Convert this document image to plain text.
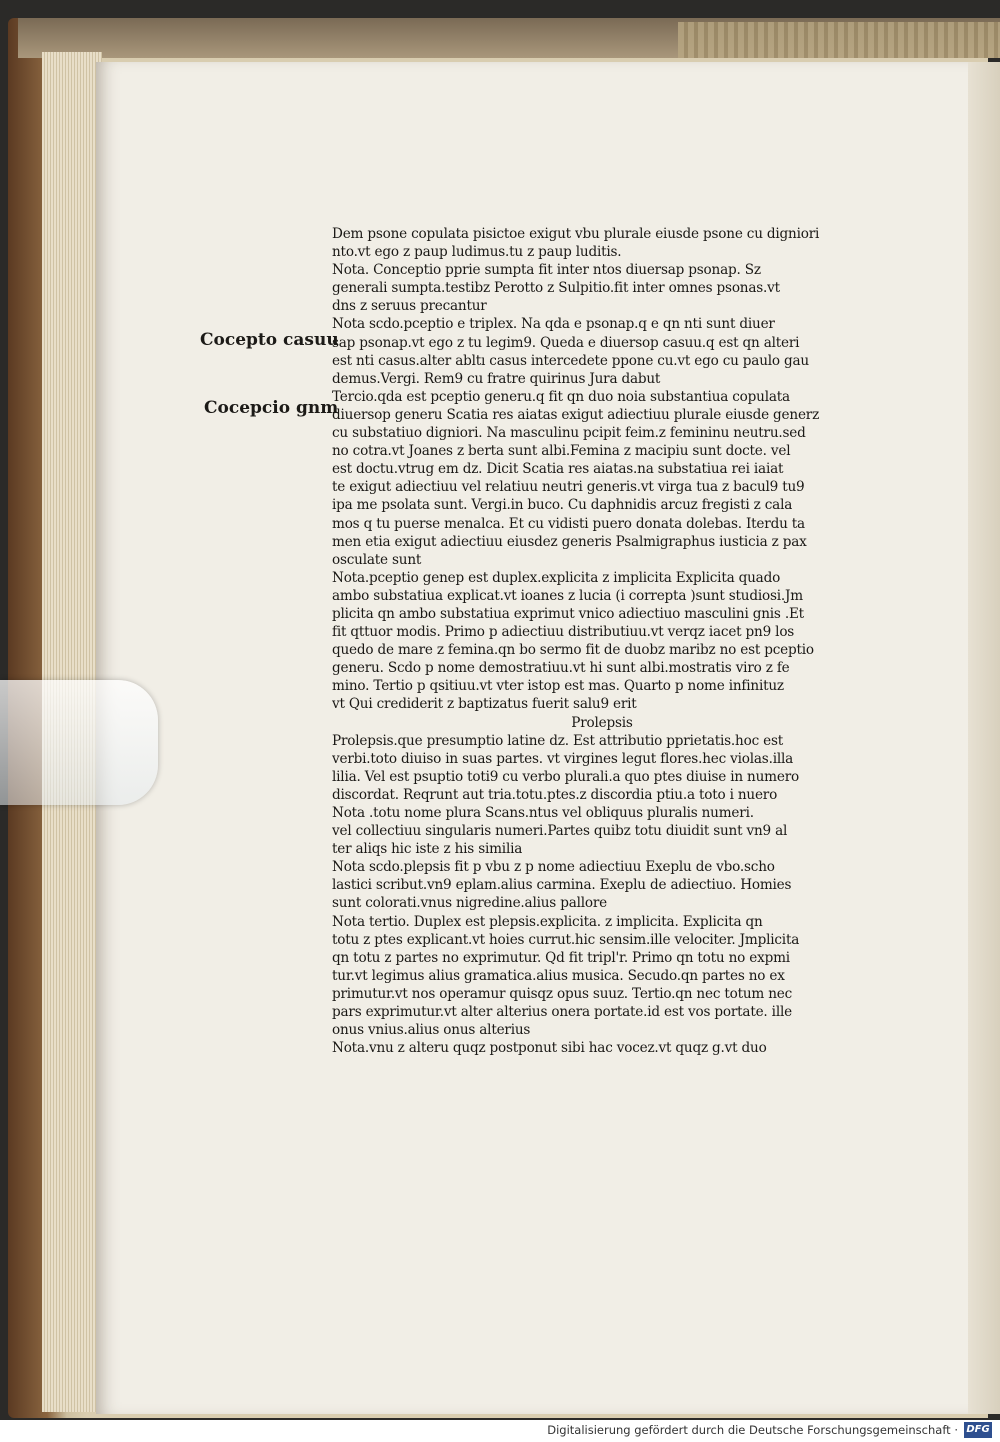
Cocepto casuu
Cocepcio gnm
Dem psone copulata pisictoe exigut vbu plurale eiusde psone cu digniori
nto.vt ego z paup ludimus.tu z paup luditis.
Nota. Conceptio pprie sumpta fit inter ntos diuersap psonap. Sz
generali sumpta.testibz Perotto z Sulpitio.fit inter omnes psonas.vt
dns z seruus precantur
Nota scdo.pceptio e triplex. Na qda e psonap.q e qn nti sunt diuer
sap psonap.vt ego z tu legim9. Queda e diuersop casuu.q est qn alteri
est nti casus.alter abltı casus intercedete ppone cu.vt ego cu paulo gau
demus.Vergi. Rem9 cu fratre quirinus Jura dabut
Tercio.qda est pceptio generu.q fit qn duo noia substantiua copulata
diuersop generu Scatia res aiatas exigut adiectiuu plurale eiusde generz
cu substatiuo digniori. Na masculinu pcipit feim.z femininu neutru.sed
no cotra.vt Joanes z berta sunt albi.Femina z macipiu sunt docte. vel
est doctu.vtrug em dz. Dicit Scatia res aiatas.na substatiua rei iaiat
te exigut adiectiuu vel relatiuu neutri generis.vt virga tua z bacul9 tu9
ipa me psolata sunt. Vergi.in buco. Cu daphnidis arcuz fregisti z cala
mos q tu puerse menalca. Et cu vidisti puero donata dolebas. Iterdu ta
men etia exigut adiectiuu eiusdez generis Psalmigraphus iusticia z pax
osculate sunt
Nota.pceptio genep est duplex.explicita z implicita Explicita quado
ambo substatiua explicat.vt ioanes z lucia (i correpta )sunt studiosi.Jm
plicita qn ambo substatiua exprimut vnico adiectiuo masculini gnis .Et
fit qttuor modis. Primo p adiectiuu distributiuu.vt verqz iacet pn9 los
quedo de mare z femina.qn bo sermo fit de duobz maribz no est pceptio
generu. Scdo p nome demostratiuu.vt hi sunt albi.mostratis viro z fe
mino. Tertio p qsitiuu.vt vter istop est mas. Quarto p nome infinituz
vt Qui crediderit z baptizatus fuerit salu9 erit
Prolepsis
Prolepsis.que presumptio latine dz. Est attributio pprietatis.hoc est
verbi.toto diuiso in suas partes. vt virgines legut flores.hec violas.illa
lilia. Vel est psuptio toti9 cu verbo plurali.a quo ptes diuise in numero
discordat. Reqrunt aut tria.totu.ptes.z discordia ptiu.a toto i nuero
Nota .totu nome plura Scans.ntus vel obliquus pluralis numeri.
vel collectiuu singularis numeri.Partes quibz totu diuidit sunt vn9 al
ter aliqs hic iste z his similia
Nota scdo.plepsis fit p vbu z p nome adiectiuu Exeplu de vbo.scho
lastici scribut.vn9 eplam.alius carmina. Exeplu de adiectiuo. Homies
sunt colorati.vnus nigredine.alius pallore
Nota tertio. Duplex est plepsis.explicita. z implicita. Explicita qn
totu z ptes explicant.vt hoies currut.hic sensim.ille velociter. Jmplicita
qn totu z partes no exprimutur. Qd fit tripl'r. Primo qn totu no expmi
tur.vt legimus alius gramatica.alius musica. Secudo.qn partes no ex
primutur.vt nos operamur quisqz opus suuz. Tertio.qn nec totum nec
pars exprimutur.vt alter alterius onera portate.id est vos portate. ille
onus vnius.alius onus alterius
Nota.vnu z alteru quqz postponut sibi hac vocez.vt quqz g.vt duo
Digitalisierung gefördert durch die Deutsche Forschungsgemeinschaft · DFG
